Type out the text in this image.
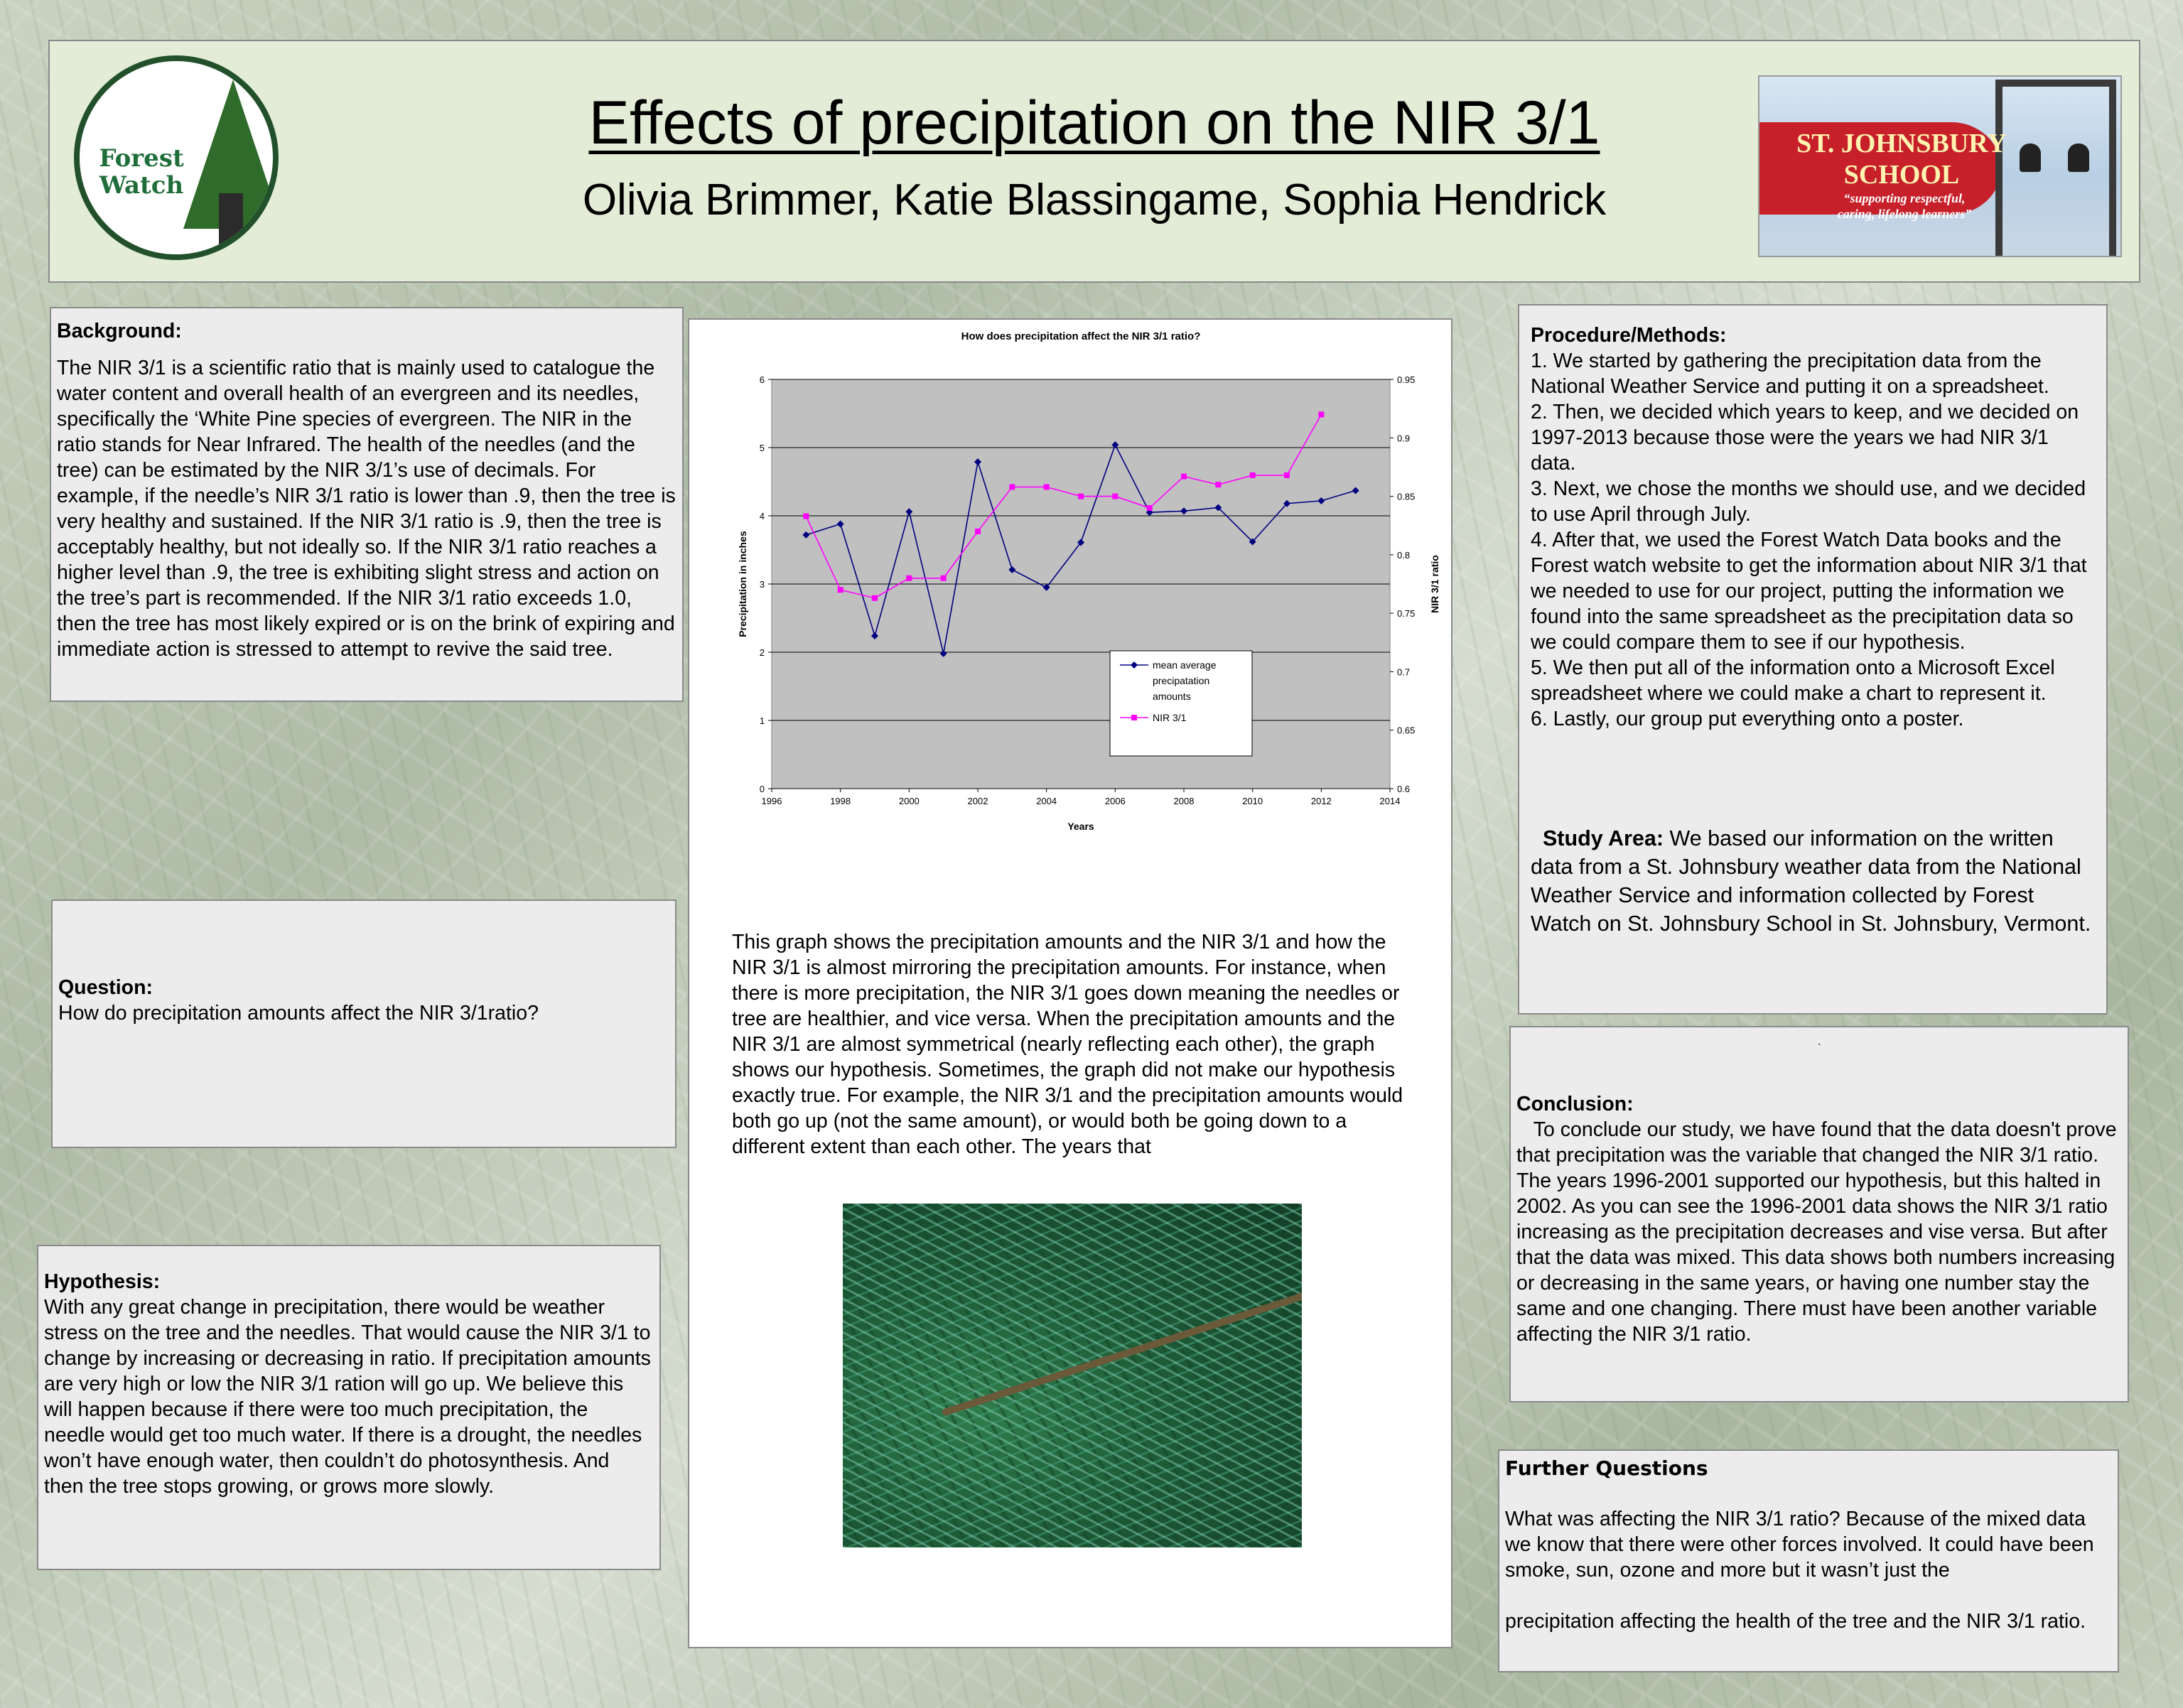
Forest
Watch
Effects of precipitation on the NIR 3/1
Olivia Brimmer, Katie Blassingame, Sophia Hendrick
ST. JOHNSBURY
SCHOOL
“supporting respectful,
caring, lifelong learners”
Background:

The NIR 3/1 is a scientific ratio that is mainly used to catalogue the water content and overall health of an evergreen and its needles, specifically the ‘White Pine species of evergreen. The NIR in the ratio stands for Near Infrared. The health of the needles (and the tree) can be estimated by the NIR 3/1’s use of decimals. For example, if the needle’s NIR 3/1 ratio is lower than .9, then the tree is very healthy and sustained. If the NIR 3/1 ratio is .9, then the tree is acceptably healthy, but not ideally so. If the NIR 3/1 ratio reaches a higher level than .9, the tree is exhibiting slight stress and action on the tree’s part is recommended. If the NIR 3/1 ratio exceeds 1.0, then the tree has most likely expired or is on the brink of expiring and immediate action is stressed to attempt to revive the said tree.

Question:

How do precipitation amounts affect the NIR 3/1ratio?

Hypothesis:

With any great change in precipitation, there would be weather stress on the tree and the needles. That would cause the NIR 3/1 to change by increasing or decreasing in ratio. If precipitation amounts are very high or low the NIR 3/1 ration will go up. We believe this will happen because if there were too much precipitation, the needle would get too much water. If there is a drought, the needles won’t have enough water, then couldn’t do photosynthesis. And then the tree stops growing, or grows more slowly.

How does precipitation affect the NIR 3/1 ratio?
0
1
2
3
4
5
6
0.6
0.65
0.7
0.75
0.8
0.85
0.9
0.95
1996	1998	2000	2002	2004	2006	2008	2010	2012	2014
Years
Precipitation in inches	NIR 3/1 ratio
mean average
precipatation
amounts
NIR 3/1
This graph shows the precipitation amounts and the NIR 3/1 and how the NIR 3/1 is almost mirroring the precipitation amounts. For instance, when there is more precipitation, the NIR 3/1 goes down meaning the needles or tree are healthier, and vice versa. When the precipitation amounts and the NIR 3/1 are almost symmetrical (nearly reflecting each other), the graph shows our hypothesis. Sometimes, the graph did not make our hypothesis exactly true. For example, the NIR 3/1 and the precipitation amounts would both go up (not the same amount), or would both be going down to a different extent than each other. The years that
Procedure/Methods:

1. We started by gathering the precipitation data from the National Weather Service and putting it on a spreadsheet.

2. Then, we decided which years to keep, and we decided on 1997-2013 because those were the years we had NIR 3/1 data.

3. Next, we chose the months we should use, and we decided to use April through July.

4. After that, we used the Forest Watch Data books and the Forest watch website to get the information about NIR 3/1 that we needed to use for our project, putting the information we found into the same spreadsheet as the precipitation data so we could compare them to see if our hypothesis.

5. We then put all of the information onto a Microsoft Excel spreadsheet where we could make a chart to represent it.

6. Lastly, our group put everything onto a poster.

Study Area: We based our information on the written data from a St. Johnsbury weather data from the National Weather Service and information collected by Forest Watch on St. Johnsbury School in St. Johnsbury, Vermont.
`
Conclusion:

To conclude our study, we have found that the data doesn't prove that precipitation was the variable that changed the NIR 3/1 ratio. The years 1996-2001 supported our hypothesis, but this halted in 2002. As you can see the 1996-2001 data shows the NIR 3/1 ratio increasing as the precipitation decreases and vise versa. But after that the data was mixed. This data shows both numbers increasing or decreasing in the same years, or having one number stay the same and one changing. There must have been another variable affecting the NIR 3/1 ratio.

Further Questions

What was affecting the NIR 3/1 ratio? Because of the mixed data we know that there were other forces involved. It could have been smoke, sun, ozone and more but it wasn’t just the

precipitation affecting the health of the tree and the NIR 3/1 ratio.
